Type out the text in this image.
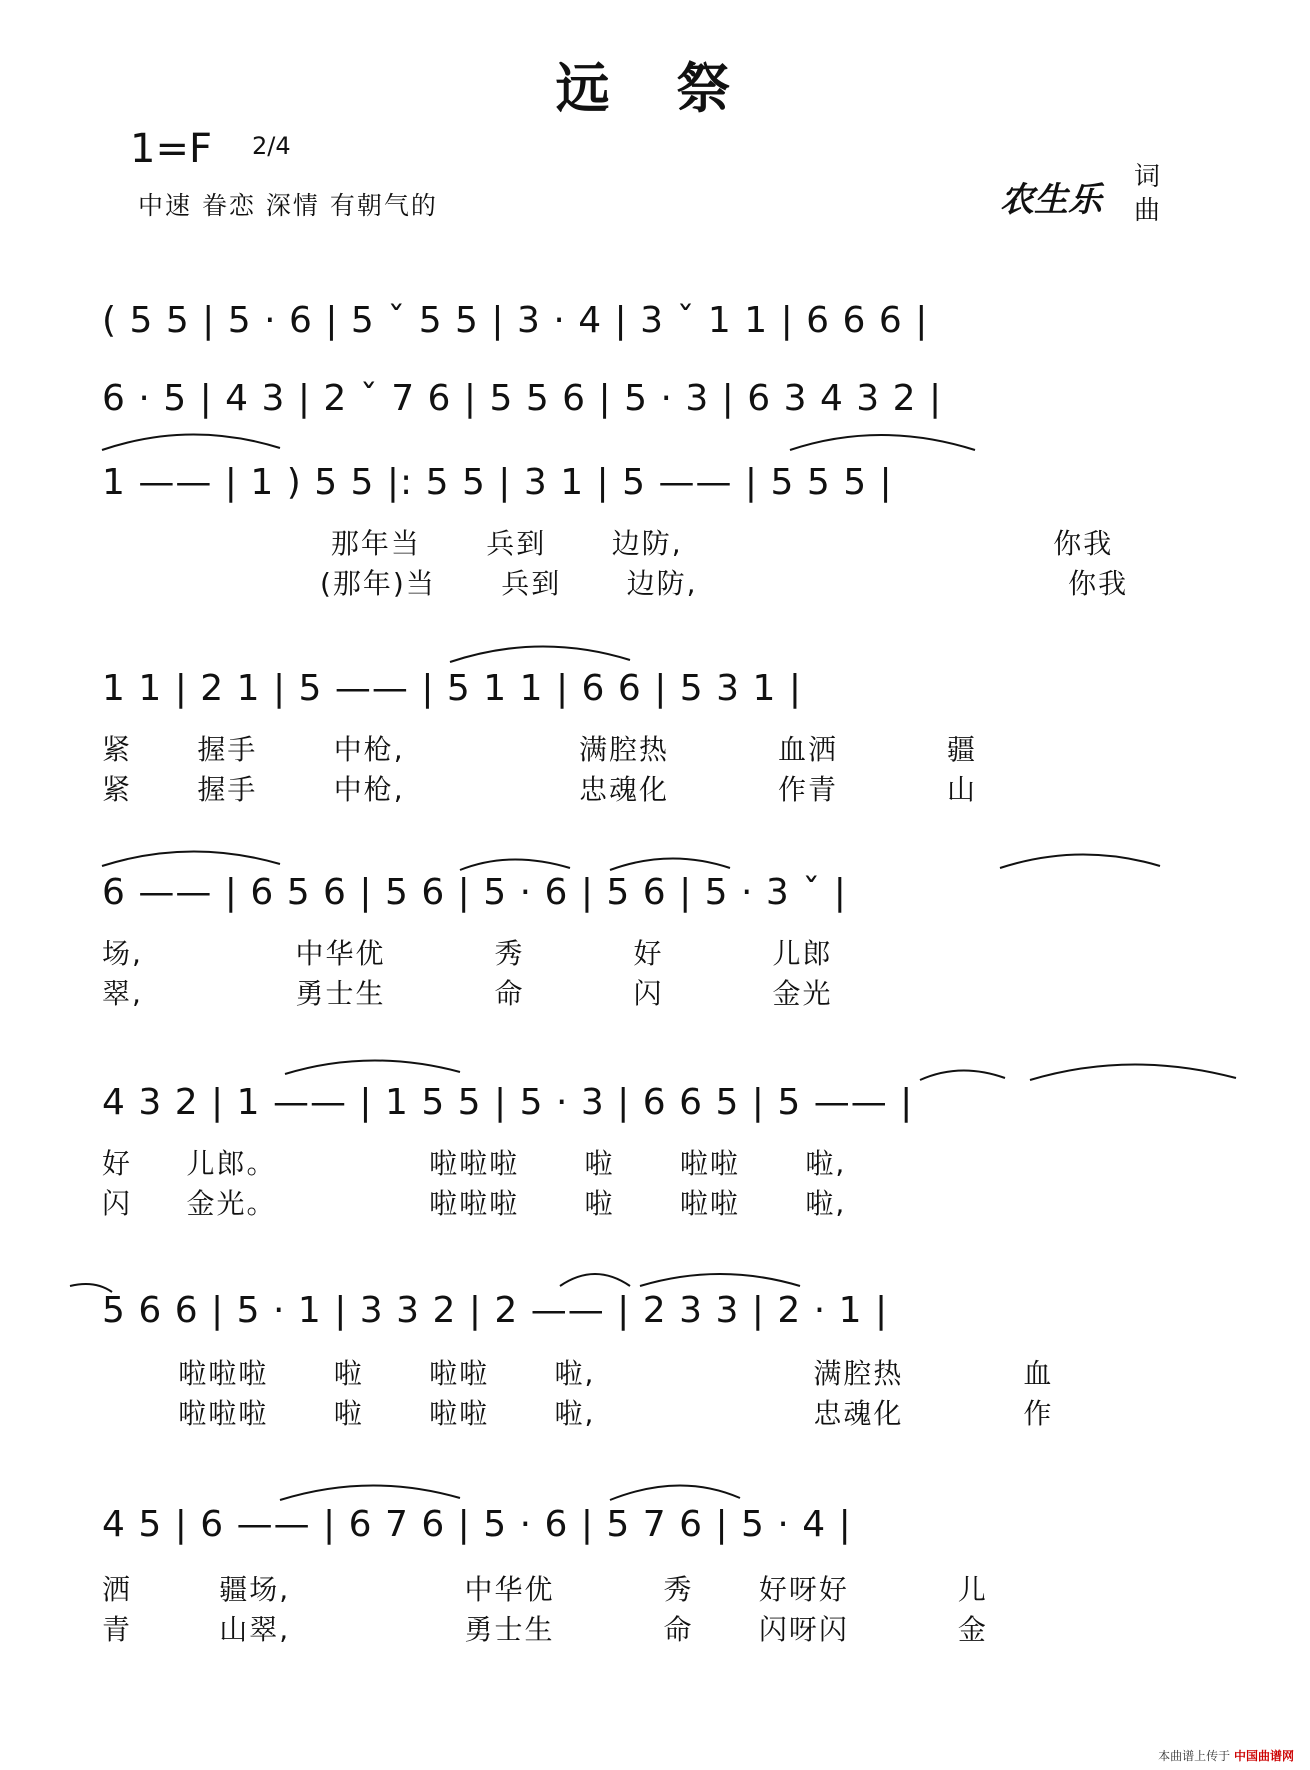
远 祭
1=F 2/4
中速 眷恋 深情 有朝气的	农生乐
词
曲
( 5 5 | 5 · 6 | 5 ˇ 5 5 | 3 · 4 | 3 ˇ 1 1 | 6 6 6 |
6 · 5 | 4 3 | 2 ˇ 7 6 | 5 5 6 | 5 · 3 | 6 3 4 3 2 |
1 —— | 1 ) 5 5 |: 5 5 | 3 1 | 5 —— | 5 5 5 |
那年当      兵到      边防,                                  你我
(那年)当      兵到      边防,                                  你我
1 1 | 2 1 | 5 —— | 5 1 1 | 6 6 | 5 3 1 |
紧      握手       中枪,                满腔热          血洒          疆
紧      握手       中枪,                忠魂化          作青          山
6 —— | 6 5 6 | 5 6 | 5 · 6 | 5 6 | 5 · 3 ˇ |
场,              中华优          秀          好          儿郎
翠,              勇士生          命          闪          金光
4 3 2 | 1 —— | 1 5 5 | 5 · 3 | 6 6 5 | 5 —— |
好     儿郎。              啦啦啦      啦      啦啦      啦,
闪     金光。              啦啦啦      啦      啦啦      啦,
5 6 6 | 5 · 1 | 3 3 2 | 2 —— | 2 3 3 | 2 · 1 |
啦啦啦      啦      啦啦      啦,                    满腔热           血
啦啦啦      啦      啦啦      啦,                    忠魂化           作
4 5 | 6 —— | 6 7 6 | 5 · 6 | 5 7 6 | 5 · 4 |
洒        疆场,                中华优          秀      好呀好          儿
青        山翠,                勇士生          命      闪呀闪          金
本曲谱上传于 中国曲谱网
